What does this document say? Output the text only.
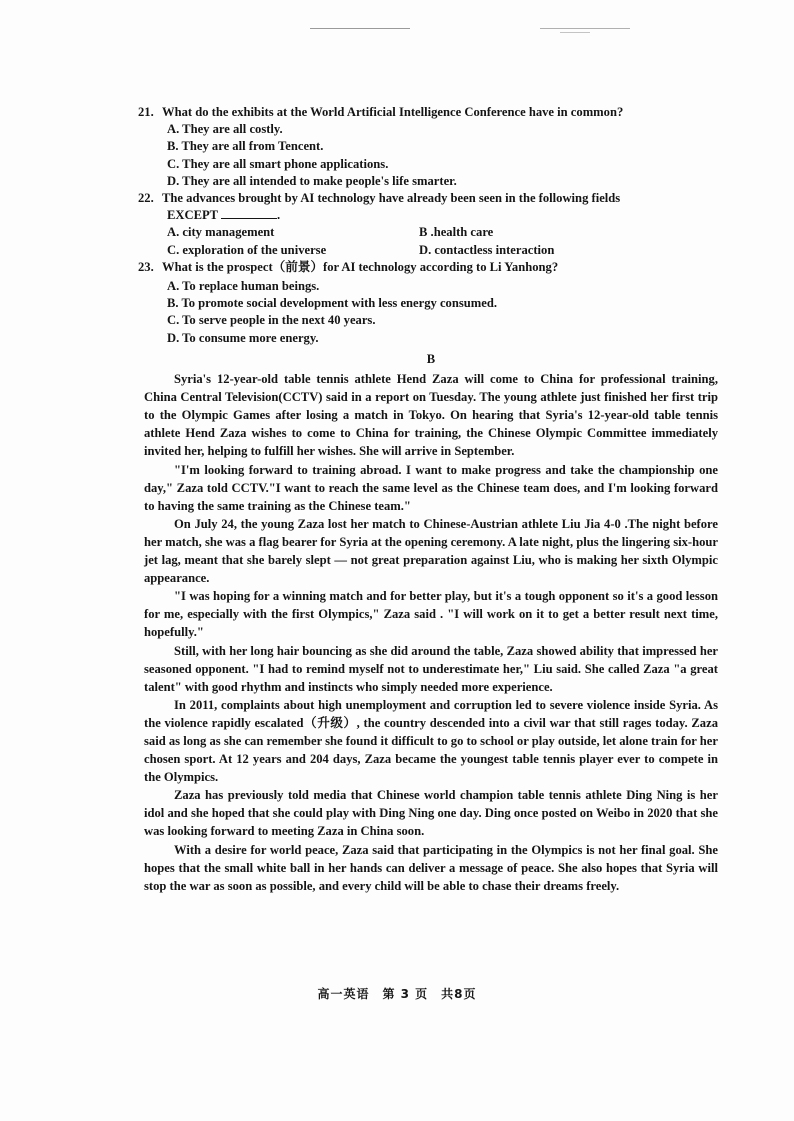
21. What do the exhibits at the World Artificial Intelligence Conference have in common?

A. They are all costly.

B. They are all from Tencent.

C. They are all smart phone applications.

D. They are all intended to make people's life smarter.

22. The advances brought by AI technology have already been seen in the following fields

EXCEPT	.

A. city management	B .health care
C. exploration of the universe	D. contactless interaction

23. What is the prospect（前景）for AI technology according to Li Yanhong?

A. To replace human beings.

B. To promote social development with less energy consumed.

C. To serve people in the next 40 years.

D. To consume more energy.

B

Syria's 12-year-old table tennis athlete Hend Zaza will come to China for professional training, China Central Television(CCTV) said in a report on Tuesday. The young athlete just finished her first trip to the Olympic Games after losing a match in Tokyo. On hearing that Syria's 12-year-old table tennis athlete Hend Zaza wishes to come to China for training, the Chinese Olympic Committee immediately invited her, helping to fulfill her wishes. She will arrive in September.

"I'm looking forward to training abroad. I want to make progress and take the championship one day," Zaza told CCTV."I want to reach the same level as the Chinese team does, and I'm looking forward to having the same training as the Chinese team."

On July 24, the young Zaza lost her match to Chinese-Austrian athlete Liu Jia 4-0 .The night before her match, she was a flag bearer for Syria at the opening ceremony. A late night, plus the lingering six-hour jet lag, meant that she barely slept — not great preparation against Liu, who is making her sixth Olympic appearance.

"I was hoping for a winning match and for better play, but it's a tough opponent so it's a good lesson for me, especially with the first Olympics," Zaza said . "I will work on it to get a better result next time, hopefully."

Still, with her long hair bouncing as she did around the table, Zaza showed ability that impressed her seasoned opponent. "I had to remind myself not to underestimate her," Liu said. She called Zaza "a great talent" with good rhythm and instincts who simply needed more experience.

In 2011, complaints about high unemployment and corruption led to severe violence inside Syria. As the violence rapidly escalated（升级）, the country descended into a civil war that still rages today. Zaza said as long as she can remember she found it difficult to go to school or play outside, let alone train for her chosen sport. At 12 years and 204 days, Zaza became the youngest table tennis player ever to compete in the Olympics.

Zaza has previously told media that Chinese world champion table tennis athlete Ding Ning is her idol and she hoped that she could play with Ding Ning one day. Ding once posted on Weibo in 2020 that she was looking forward to meeting Zaza in China soon.

With a desire for world peace, Zaza said that participating in the Olympics is not her final goal. She hopes that the small white ball in her hands can deliver a message of peace. She also hopes that Syria will stop the war as soon as possible, and every child will be able to chase their dreams freely.

高一英语　第 3 页　共8页
